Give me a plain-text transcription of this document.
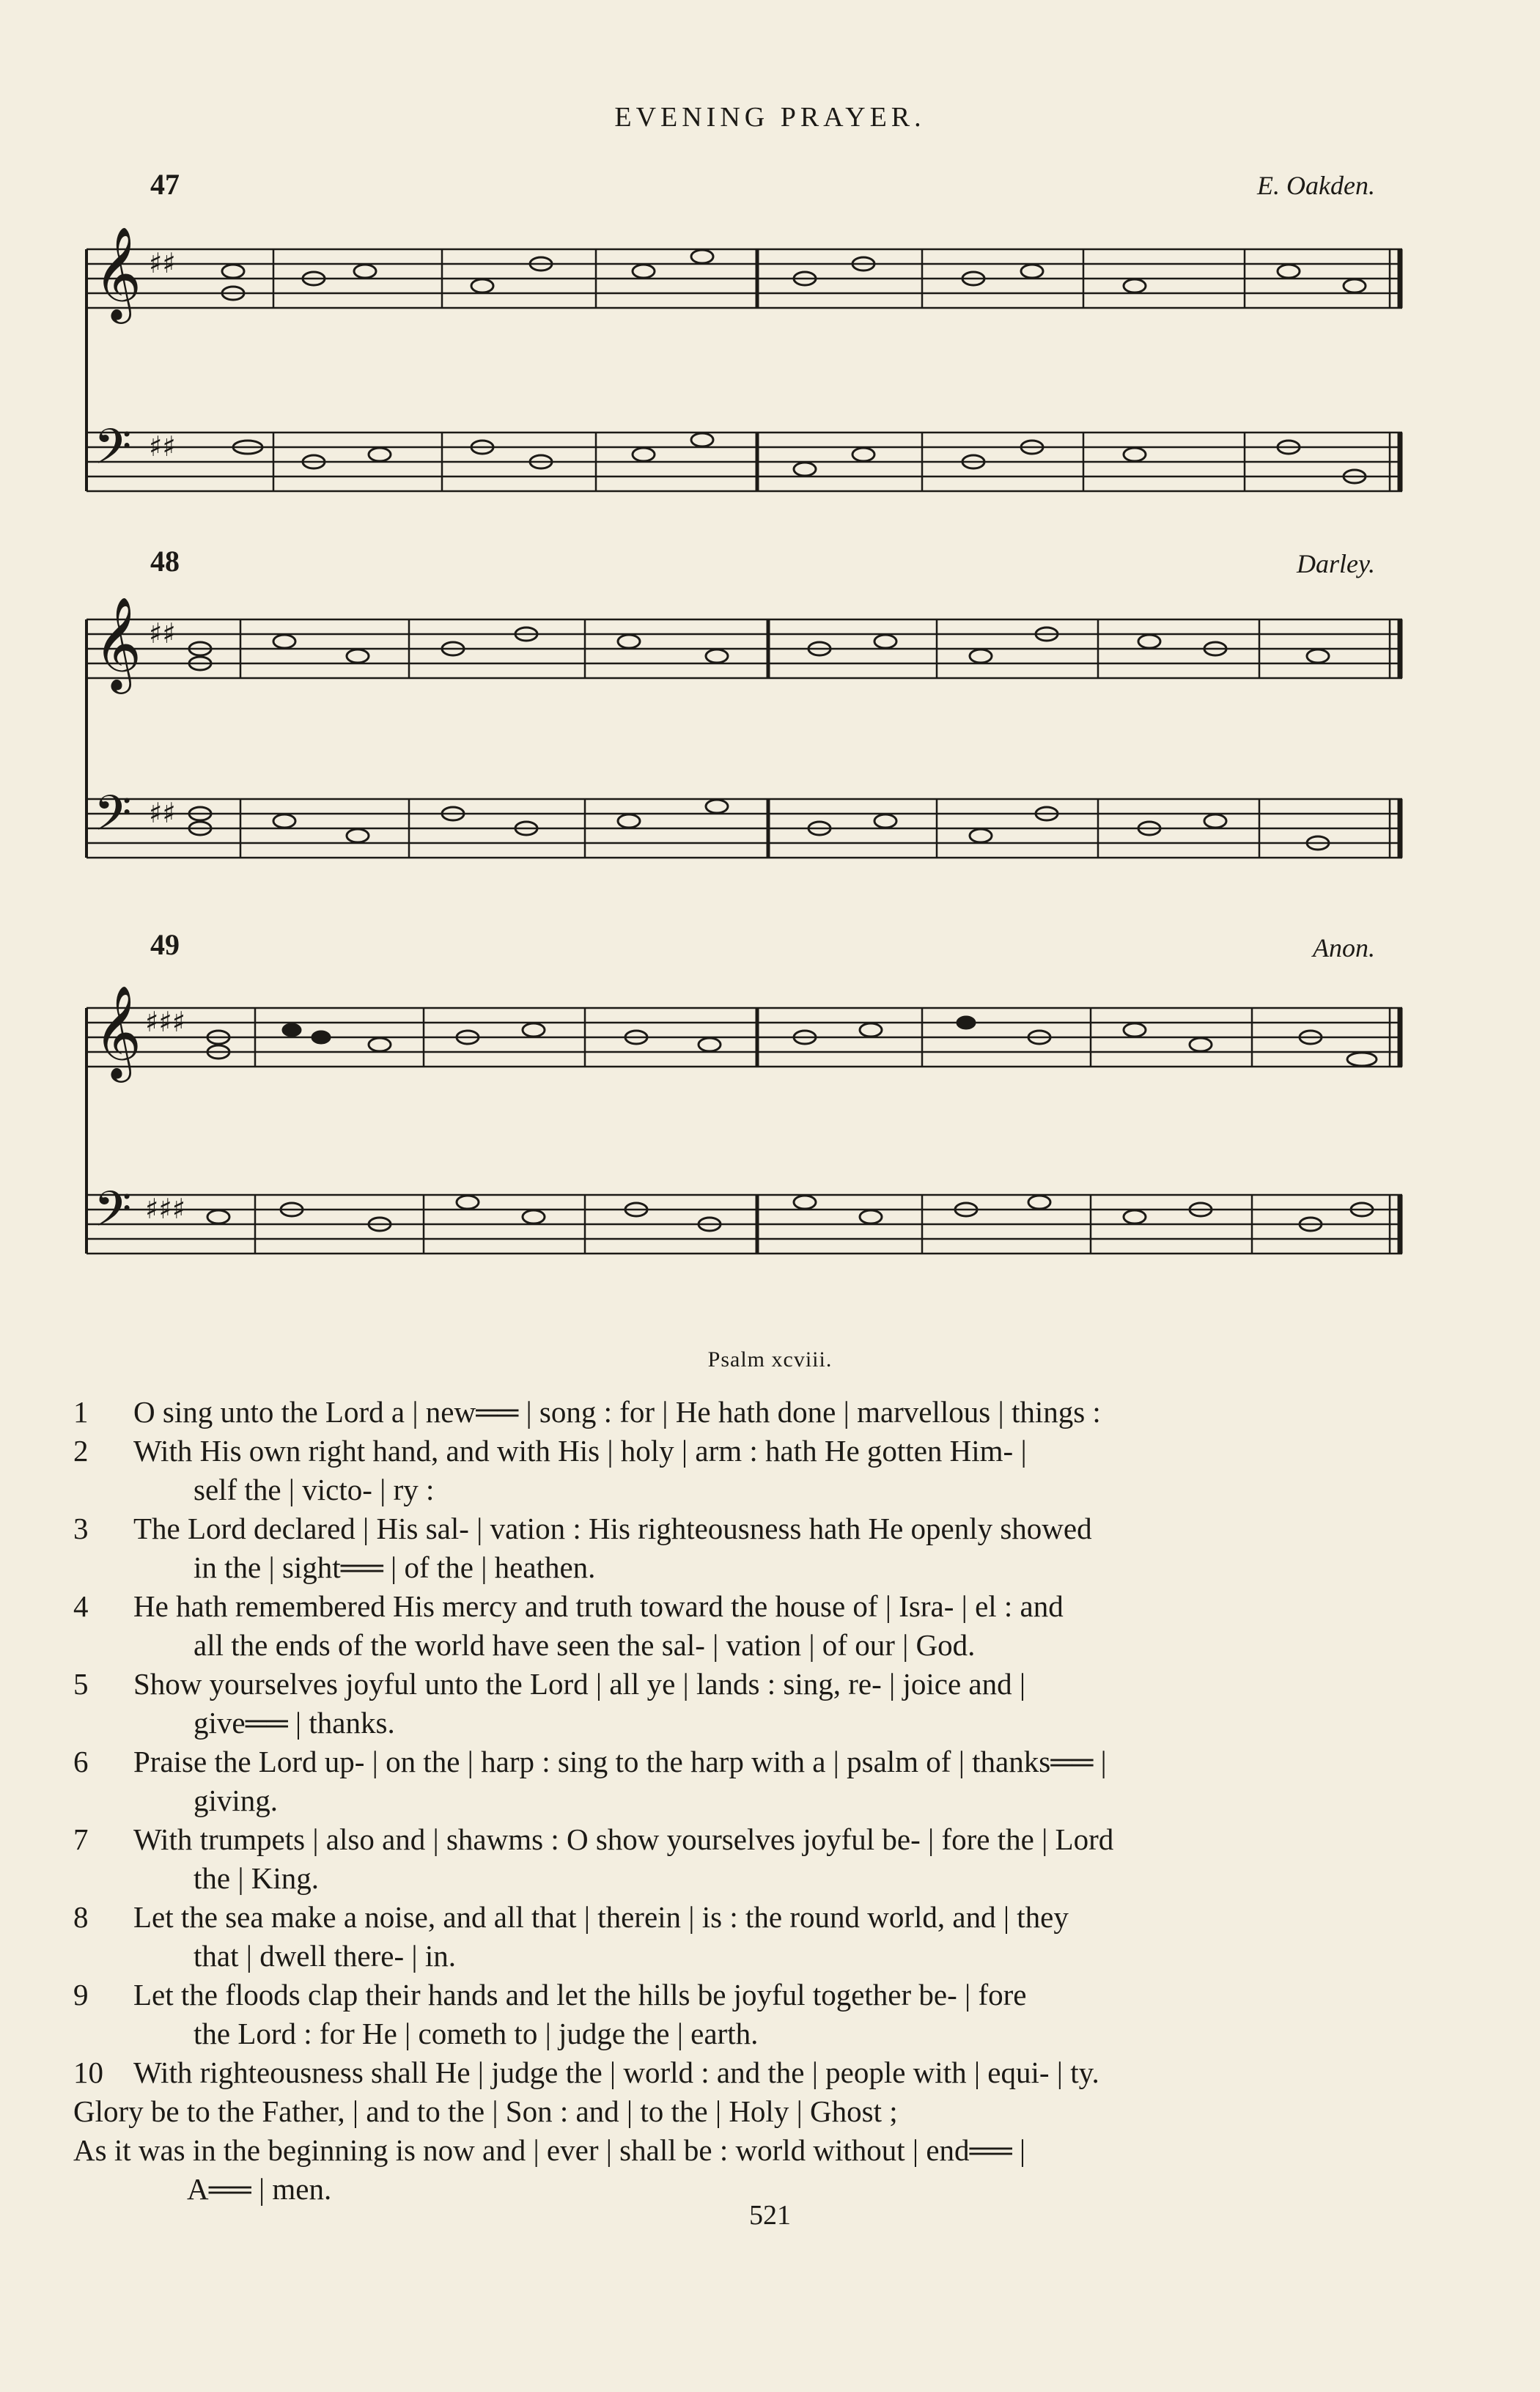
EVENING PRAYER.
47	E. Oakden.
𝄞
𝄢
♯♯
♯♯
48	Darley.
𝄞
𝄢
♯♯
♯♯
49	Anon.
𝄞
𝄢
♯♯♯
♯♯♯
Psalm xcviii.

1	O sing unto the Lord a | new══ | song : for | He hath done | marvellous | things :

2	With His own right hand, and with His | holy | arm : hath He gotten Him- |
self the | victo- | ry :

3	The Lord declared | His sal- | vation : His righteousness hath He openly showed
in the | sight══ | of the | heathen.

4	He hath remembered His mercy and truth toward the house of | Isra- | el : and
all the ends of the world have seen the sal- | vation | of our | God.

5	Show yourselves joyful unto the Lord | all ye | lands : sing, re- | joice and |
give══ | thanks.

6	Praise the Lord up- | on the | harp : sing to the harp with a | psalm of | thanks══ |
giving.

7	With trumpets | also and | shawms : O show yourselves joyful be- | fore the | Lord
the | King.

8	Let the sea make a noise, and all that | therein | is : the round world, and | they
that | dwell there- | in.

9	Let the floods clap their hands and let the hills be joyful together be- | fore
the Lord : for He | cometh to | judge the | earth.

10	With righteousness shall He | judge the | world : and the | people with | equi- | ty.

Glory be to the Father, | and to the | Son : and | to the | Holy | Ghost ;
As it was in the beginning is now and | ever | shall be : world without | end══ |
A══ | men.

521
